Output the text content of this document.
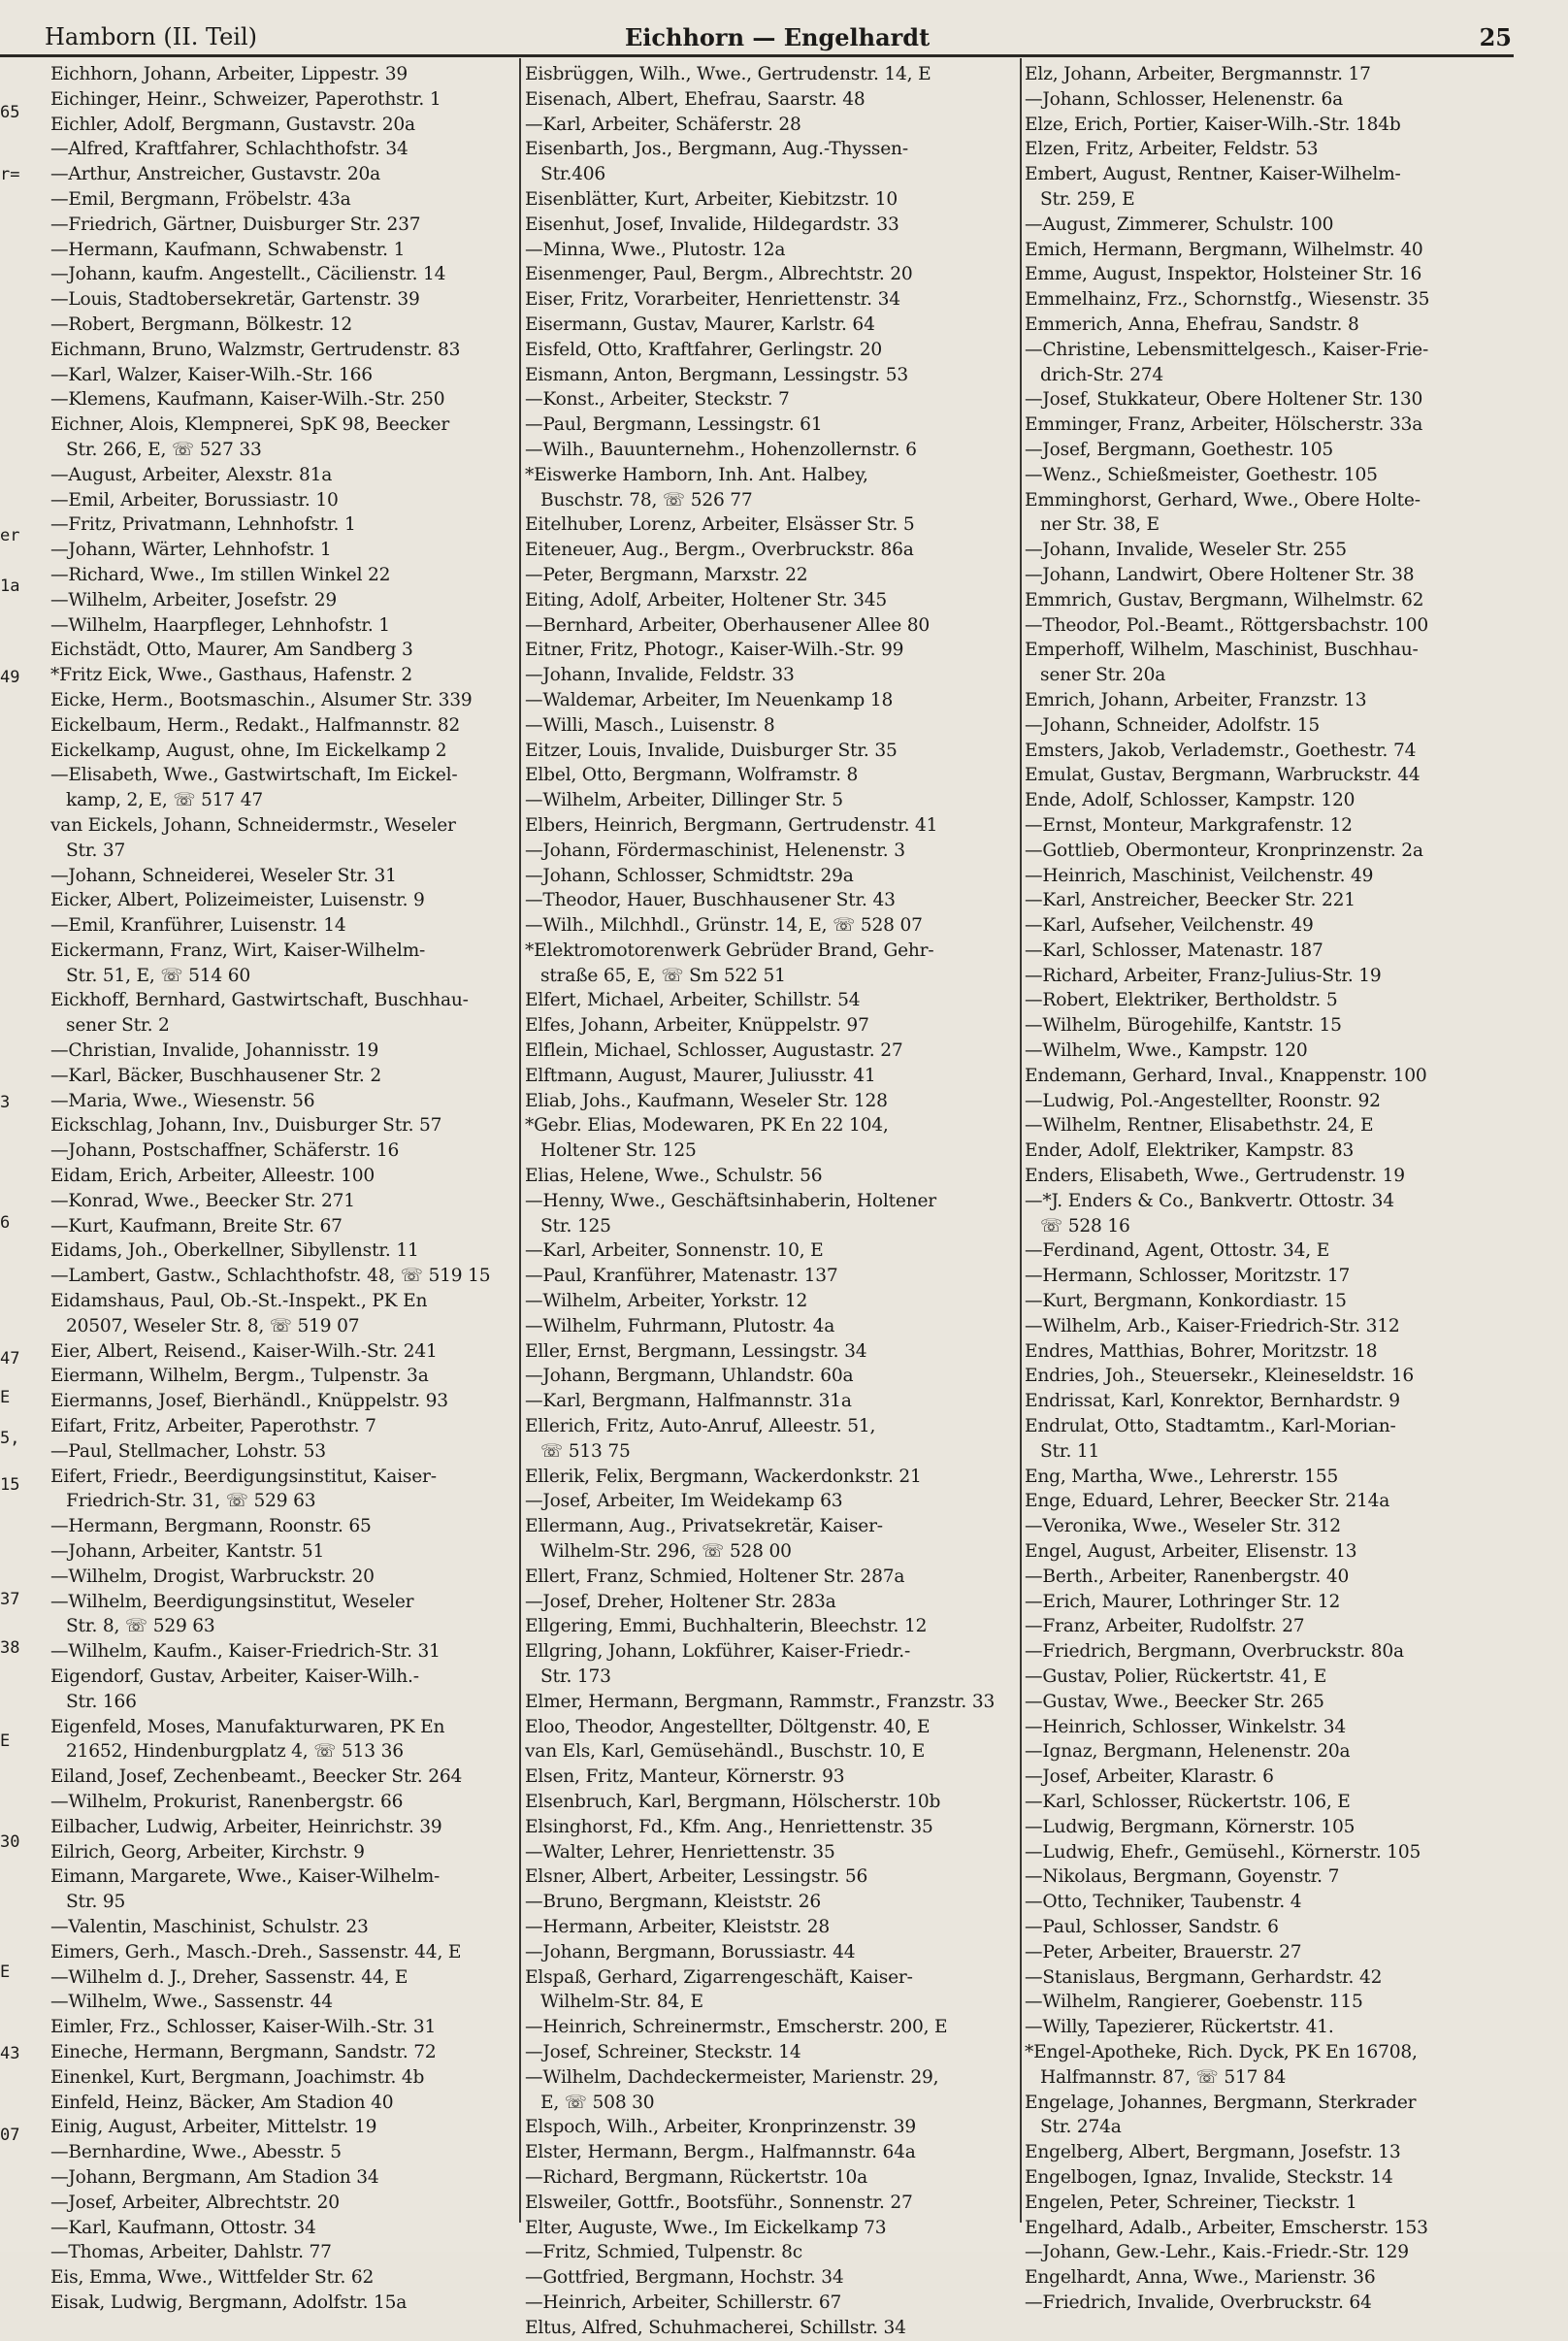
Hamborn (II. Teil)	Eichhorn — Engelhardt	25
65
r=
er
1a
49
3
6
47
E
5,
15
37
38
E
30
E
43
07
Eichhorn, Johann, Arbeiter, Lippestr. 39
Eichinger, Heinr., Schweizer, Paperothstr. 1
Eichler, Adolf, Bergmann, Gustavstr. 20a
—Alfred, Kraftfahrer, Schlachthofstr. 34
—Arthur, Anstreicher, Gustavstr. 20a
—Emil, Bergmann, Fröbelstr. 43a
—Friedrich, Gärtner, Duisburger Str. 237
—Hermann, Kaufmann, Schwabenstr. 1
—Johann, kaufm. Angestellt., Cäcilienstr. 14
—Louis, Stadtobersekretär, Gartenstr. 39
—Robert, Bergmann, Bölkestr. 12
Eichmann, Bruno, Walzmstr, Gertrudenstr. 83
—Karl, Walzer, Kaiser-Wilh.-Str. 166
—Klemens, Kaufmann, Kaiser-Wilh.-Str. 250
Eichner, Alois, Klempnerei, SpK 98, Beecker
Str. 266, E, ☏ 527 33
—August, Arbeiter, Alexstr. 81a
—Emil, Arbeiter, Borussiastr. 10
—Fritz, Privatmann, Lehnhofstr. 1
—Johann, Wärter, Lehnhofstr. 1
—Richard, Wwe., Im stillen Winkel 22
—Wilhelm, Arbeiter, Josefstr. 29
—Wilhelm, Haarpfleger, Lehnhofstr. 1
Eichstädt, Otto, Maurer, Am Sandberg 3
*Fritz Eick, Wwe., Gasthaus, Hafenstr. 2
Eicke, Herm., Bootsmaschin., Alsumer Str. 339
Eickelbaum, Herm., Redakt., Halfmannstr. 82
Eickelkamp, August, ohne, Im Eickelkamp 2
—Elisabeth, Wwe., Gastwirtschaft, Im Eickel-
kamp, 2, E, ☏ 517 47
van Eickels, Johann, Schneidermstr., Weseler
Str. 37
—Johann, Schneiderei, Weseler Str. 31
Eicker, Albert, Polizeimeister, Luisenstr. 9
—Emil, Kranführer, Luisenstr. 14
Eickermann, Franz, Wirt, Kaiser-Wilhelm-
Str. 51, E, ☏ 514 60
Eickhoff, Bernhard, Gastwirtschaft, Buschhau-
sener Str. 2
—Christian, Invalide, Johannisstr. 19
—Karl, Bäcker, Buschhausener Str. 2
—Maria, Wwe., Wiesenstr. 56
Eickschlag, Johann, Inv., Duisburger Str. 57
—Johann, Postschaffner, Schäferstr. 16
Eidam, Erich, Arbeiter, Alleestr. 100
—Konrad, Wwe., Beecker Str. 271
—Kurt, Kaufmann, Breite Str. 67
Eidams, Joh., Oberkellner, Sibyllenstr. 11
—Lambert, Gastw., Schlachthofstr. 48, ☏ 519 15
Eidamshaus, Paul, Ob.-St.-Inspekt., PK En
20507, Weseler Str. 8, ☏ 519 07
Eier, Albert, Reisend., Kaiser-Wilh.-Str. 241
Eiermann, Wilhelm, Bergm., Tulpenstr. 3a
Eiermanns, Josef, Bierhändl., Knüppelstr. 93
Eifart, Fritz, Arbeiter, Paperothstr. 7
—Paul, Stellmacher, Lohstr. 53
Eifert, Friedr., Beerdigungsinstitut, Kaiser-
Friedrich-Str. 31, ☏ 529 63
—Hermann, Bergmann, Roonstr. 65
—Johann, Arbeiter, Kantstr. 51
—Wilhelm, Drogist, Warbruckstr. 20
—Wilhelm, Beerdigungsinstitut, Weseler
Str. 8, ☏ 529 63
—Wilhelm, Kaufm., Kaiser-Friedrich-Str. 31
Eigendorf, Gustav, Arbeiter, Kaiser-Wilh.-
Str. 166
Eigenfeld, Moses, Manufakturwaren, PK En
21652, Hindenburgplatz 4, ☏ 513 36
Eiland, Josef, Zechenbeamt., Beecker Str. 264
—Wilhelm, Prokurist, Ranenbergstr. 66
Eilbacher, Ludwig, Arbeiter, Heinrichstr. 39
Eilrich, Georg, Arbeiter, Kirchstr. 9
Eimann, Margarete, Wwe., Kaiser-Wilhelm-
Str. 95
—Valentin, Maschinist, Schulstr. 23
Eimers, Gerh., Masch.-Dreh., Sassenstr. 44, E
—Wilhelm d. J., Dreher, Sassenstr. 44, E
—Wilhelm, Wwe., Sassenstr. 44
Eimler, Frz., Schlosser, Kaiser-Wilh.-Str. 31
Eineche, Hermann, Bergmann, Sandstr. 72
Einenkel, Kurt, Bergmann, Joachimstr. 4b
Einfeld, Heinz, Bäcker, Am Stadion 40
Einig, August, Arbeiter, Mittelstr. 19
—Bernhardine, Wwe., Abesstr. 5
—Johann, Bergmann, Am Stadion 34
—Josef, Arbeiter, Albrechtstr. 20
—Karl, Kaufmann, Ottostr. 34
—Thomas, Arbeiter, Dahlstr. 77
Eis, Emma, Wwe., Wittfelder Str. 62
Eisak, Ludwig, Bergmann, Adolfstr. 15a
Eisbrüggen, Wilh., Wwe., Gertrudenstr. 14, E
Eisenach, Albert, Ehefrau, Saarstr. 48
—Karl, Arbeiter, Schäferstr. 28
Eisenbarth, Jos., Bergmann, Aug.-Thyssen-
Str.406
Eisenblätter, Kurt, Arbeiter, Kiebitzstr. 10
Eisenhut, Josef, Invalide, Hildegardstr. 33
—Minna, Wwe., Plutostr. 12a
Eisenmenger, Paul, Bergm., Albrechtstr. 20
Eiser, Fritz, Vorarbeiter, Henriettenstr. 34
Eisermann, Gustav, Maurer, Karlstr. 64
Eisfeld, Otto, Kraftfahrer, Gerlingstr. 20
Eismann, Anton, Bergmann, Lessingstr. 53
—Konst., Arbeiter, Steckstr. 7
—Paul, Bergmann, Lessingstr. 61
—Wilh., Bauunternehm., Hohenzollernstr. 6
*Eiswerke Hamborn, Inh. Ant. Halbey,
Buschstr. 78, ☏ 526 77
Eitelhuber, Lorenz, Arbeiter, Elsässer Str. 5
Eiteneuer, Aug., Bergm., Overbruckstr. 86a
—Peter, Bergmann, Marxstr. 22
Eiting, Adolf, Arbeiter, Holtener Str. 345
—Bernhard, Arbeiter, Oberhausener Allee 80
Eitner, Fritz, Photogr., Kaiser-Wilh.-Str. 99
—Johann, Invalide, Feldstr. 33
—Waldemar, Arbeiter, Im Neuenkamp 18
—Willi, Masch., Luisenstr. 8
Eitzer, Louis, Invalide, Duisburger Str. 35
Elbel, Otto, Bergmann, Wolframstr. 8
—Wilhelm, Arbeiter, Dillinger Str. 5
Elbers, Heinrich, Bergmann, Gertrudenstr. 41
—Johann, Fördermaschinist, Helenenstr. 3
—Johann, Schlosser, Schmidtstr. 29a
—Theodor, Hauer, Buschhausener Str. 43
—Wilh., Milchhdl., Grünstr. 14, E, ☏ 528 07
*Elektromotorenwerk Gebrüder Brand, Gehr-
straße 65, E, ☏ Sm 522 51
Elfert, Michael, Arbeiter, Schillstr. 54
Elfes, Johann, Arbeiter, Knüppelstr. 97
Elflein, Michael, Schlosser, Augustastr. 27
Elftmann, August, Maurer, Juliusstr. 41
Eliab, Johs., Kaufmann, Weseler Str. 128
*Gebr. Elias, Modewaren, PK En 22 104,
Holtener Str. 125
Elias, Helene, Wwe., Schulstr. 56
—Henny, Wwe., Geschäftsinhaberin, Holtener
Str. 125
—Karl, Arbeiter, Sonnenstr. 10, E
—Paul, Kranführer, Matenastr. 137
—Wilhelm, Arbeiter, Yorkstr. 12
—Wilhelm, Fuhrmann, Plutostr. 4a
Eller, Ernst, Bergmann, Lessingstr. 34
—Johann, Bergmann, Uhlandstr. 60a
—Karl, Bergmann, Halfmannstr. 31a
Ellerich, Fritz, Auto-Anruf, Alleestr. 51,
☏ 513 75
Ellerik, Felix, Bergmann, Wackerdonkstr. 21
—Josef, Arbeiter, Im Weidekamp 63
Ellermann, Aug., Privatsekretär, Kaiser-
Wilhelm-Str. 296, ☏ 528 00
Ellert, Franz, Schmied, Holtener Str. 287a
—Josef, Dreher, Holtener Str. 283a
Ellgering, Emmi, Buchhalterin, Bleechstr. 12
Ellgring, Johann, Lokführer, Kaiser-Friedr.-
Str. 173
Elmer, Hermann, Bergmann, Rammstr., Franzstr. 33
Eloo, Theodor, Angestellter, Döltgenstr. 40, E
van Els, Karl, Gemüsehändl., Buschstr. 10, E
Elsen, Fritz, Manteur, Körnerstr. 93
Elsenbruch, Karl, Bergmann, Hölscherstr. 10b
Elsinghorst, Fd., Kfm. Ang., Henriettenstr. 35
—Walter, Lehrer, Henriettenstr. 35
Elsner, Albert, Arbeiter, Lessingstr. 56
—Bruno, Bergmann, Kleiststr. 26
—Hermann, Arbeiter, Kleiststr. 28
—Johann, Bergmann, Borussiastr. 44
Elspaß, Gerhard, Zigarrengeschäft, Kaiser-
Wilhelm-Str. 84, E
—Heinrich, Schreinermstr., Emscherstr. 200, E
—Josef, Schreiner, Steckstr. 14
—Wilhelm, Dachdeckermeister, Marienstr. 29,
E, ☏ 508 30
Elspoch, Wilh., Arbeiter, Kronprinzenstr. 39
Elster, Hermann, Bergm., Halfmannstr. 64a
—Richard, Bergmann, Rückertstr. 10a
Elsweiler, Gottfr., Bootsführ., Sonnenstr. 27
Elter, Auguste, Wwe., Im Eickelkamp 73
—Fritz, Schmied, Tulpenstr. 8c
—Gottfried, Bergmann, Hochstr. 34
—Heinrich, Arbeiter, Schillerstr. 67
Eltus, Alfred, Schuhmacherei, Schillstr. 34
Elz, Johann, Arbeiter, Bergmannstr. 17
—Johann, Schlosser, Helenenstr. 6a
Elze, Erich, Portier, Kaiser-Wilh.-Str. 184b
Elzen, Fritz, Arbeiter, Feldstr. 53
Embert, August, Rentner, Kaiser-Wilhelm-
Str. 259, E
—August, Zimmerer, Schulstr. 100
Emich, Hermann, Bergmann, Wilhelmstr. 40
Emme, August, Inspektor, Holsteiner Str. 16
Emmelhainz, Frz., Schornstfg., Wiesenstr. 35
Emmerich, Anna, Ehefrau, Sandstr. 8
—Christine, Lebensmittelgesch., Kaiser-Frie-
drich-Str. 274
—Josef, Stukkateur, Obere Holtener Str. 130
Emminger, Franz, Arbeiter, Hölscherstr. 33a
—Josef, Bergmann, Goethestr. 105
—Wenz., Schießmeister, Goethestr. 105
Emminghorst, Gerhard, Wwe., Obere Holte-
ner Str. 38, E
—Johann, Invalide, Weseler Str. 255
—Johann, Landwirt, Obere Holtener Str. 38
Emmrich, Gustav, Bergmann, Wilhelmstr. 62
—Theodor, Pol.-Beamt., Röttgersbachstr. 100
Emperhoff, Wilhelm, Maschinist, Buschhau-
sener Str. 20a
Emrich, Johann, Arbeiter, Franzstr. 13
—Johann, Schneider, Adolfstr. 15
Emsters, Jakob, Verlademstr., Goethestr. 74
Emulat, Gustav, Bergmann, Warbruckstr. 44
Ende, Adolf, Schlosser, Kampstr. 120
—Ernst, Monteur, Markgrafenstr. 12
—Gottlieb, Obermonteur, Kronprinzenstr. 2a
—Heinrich, Maschinist, Veilchenstr. 49
—Karl, Anstreicher, Beecker Str. 221
—Karl, Aufseher, Veilchenstr. 49
—Karl, Schlosser, Matenastr. 187
—Richard, Arbeiter, Franz-Julius-Str. 19
—Robert, Elektriker, Bertholdstr. 5
—Wilhelm, Bürogehilfe, Kantstr. 15
—Wilhelm, Wwe., Kampstr. 120
Endemann, Gerhard, Inval., Knappenstr. 100
—Ludwig, Pol.-Angestellter, Roonstr. 92
—Wilhelm, Rentner, Elisabethstr. 24, E
Ender, Adolf, Elektriker, Kampstr. 83
Enders, Elisabeth, Wwe., Gertrudenstr. 19
—*J. Enders & Co., Bankvertr. Ottostr. 34
☏ 528 16
—Ferdinand, Agent, Ottostr. 34, E
—Hermann, Schlosser, Moritzstr. 17
—Kurt, Bergmann, Konkordiastr. 15
—Wilhelm, Arb., Kaiser-Friedrich-Str. 312
Endres, Matthias, Bohrer, Moritzstr. 18
Endries, Joh., Steuersekr., Kleineseldstr. 16
Endrissat, Karl, Konrektor, Bernhardstr. 9
Endrulat, Otto, Stadtamtm., Karl-Morian-
Str. 11
Eng, Martha, Wwe., Lehrerstr. 155
Enge, Eduard, Lehrer, Beecker Str. 214a
—Veronika, Wwe., Weseler Str. 312
Engel, August, Arbeiter, Elisenstr. 13
—Berth., Arbeiter, Ranenbergstr. 40
—Erich, Maurer, Lothringer Str. 12
—Franz, Arbeiter, Rudolfstr. 27
—Friedrich, Bergmann, Overbruckstr. 80a
—Gustav, Polier, Rückertstr. 41, E
—Gustav, Wwe., Beecker Str. 265
—Heinrich, Schlosser, Winkelstr. 34
—Ignaz, Bergmann, Helenenstr. 20a
—Josef, Arbeiter, Klarastr. 6
—Karl, Schlosser, Rückertstr. 106, E
—Ludwig, Bergmann, Körnerstr. 105
—Ludwig, Ehefr., Gemüsehl., Körnerstr. 105
—Nikolaus, Bergmann, Goyenstr. 7
—Otto, Techniker, Taubenstr. 4
—Paul, Schlosser, Sandstr. 6
—Peter, Arbeiter, Brauerstr. 27
—Stanislaus, Bergmann, Gerhardstr. 42
—Wilhelm, Rangierer, Goebenstr. 115
—Willy, Tapezierer, Rückertstr. 41.
*Engel-Apotheke, Rich. Dyck, PK En 16708,
Halfmannstr. 87, ☏ 517 84
Engelage, Johannes, Bergmann, Sterkrader
Str. 274a
Engelberg, Albert, Bergmann, Josefstr. 13
Engelbogen, Ignaz, Invalide, Steckstr. 14
Engelen, Peter, Schreiner, Tieckstr. 1
Engelhard, Adalb., Arbeiter, Emscherstr. 153
—Johann, Gew.-Lehr., Kais.-Friedr.-Str. 129
Engelhardt, Anna, Wwe., Marienstr. 36
—Friedrich, Invalide, Overbruckstr. 64
